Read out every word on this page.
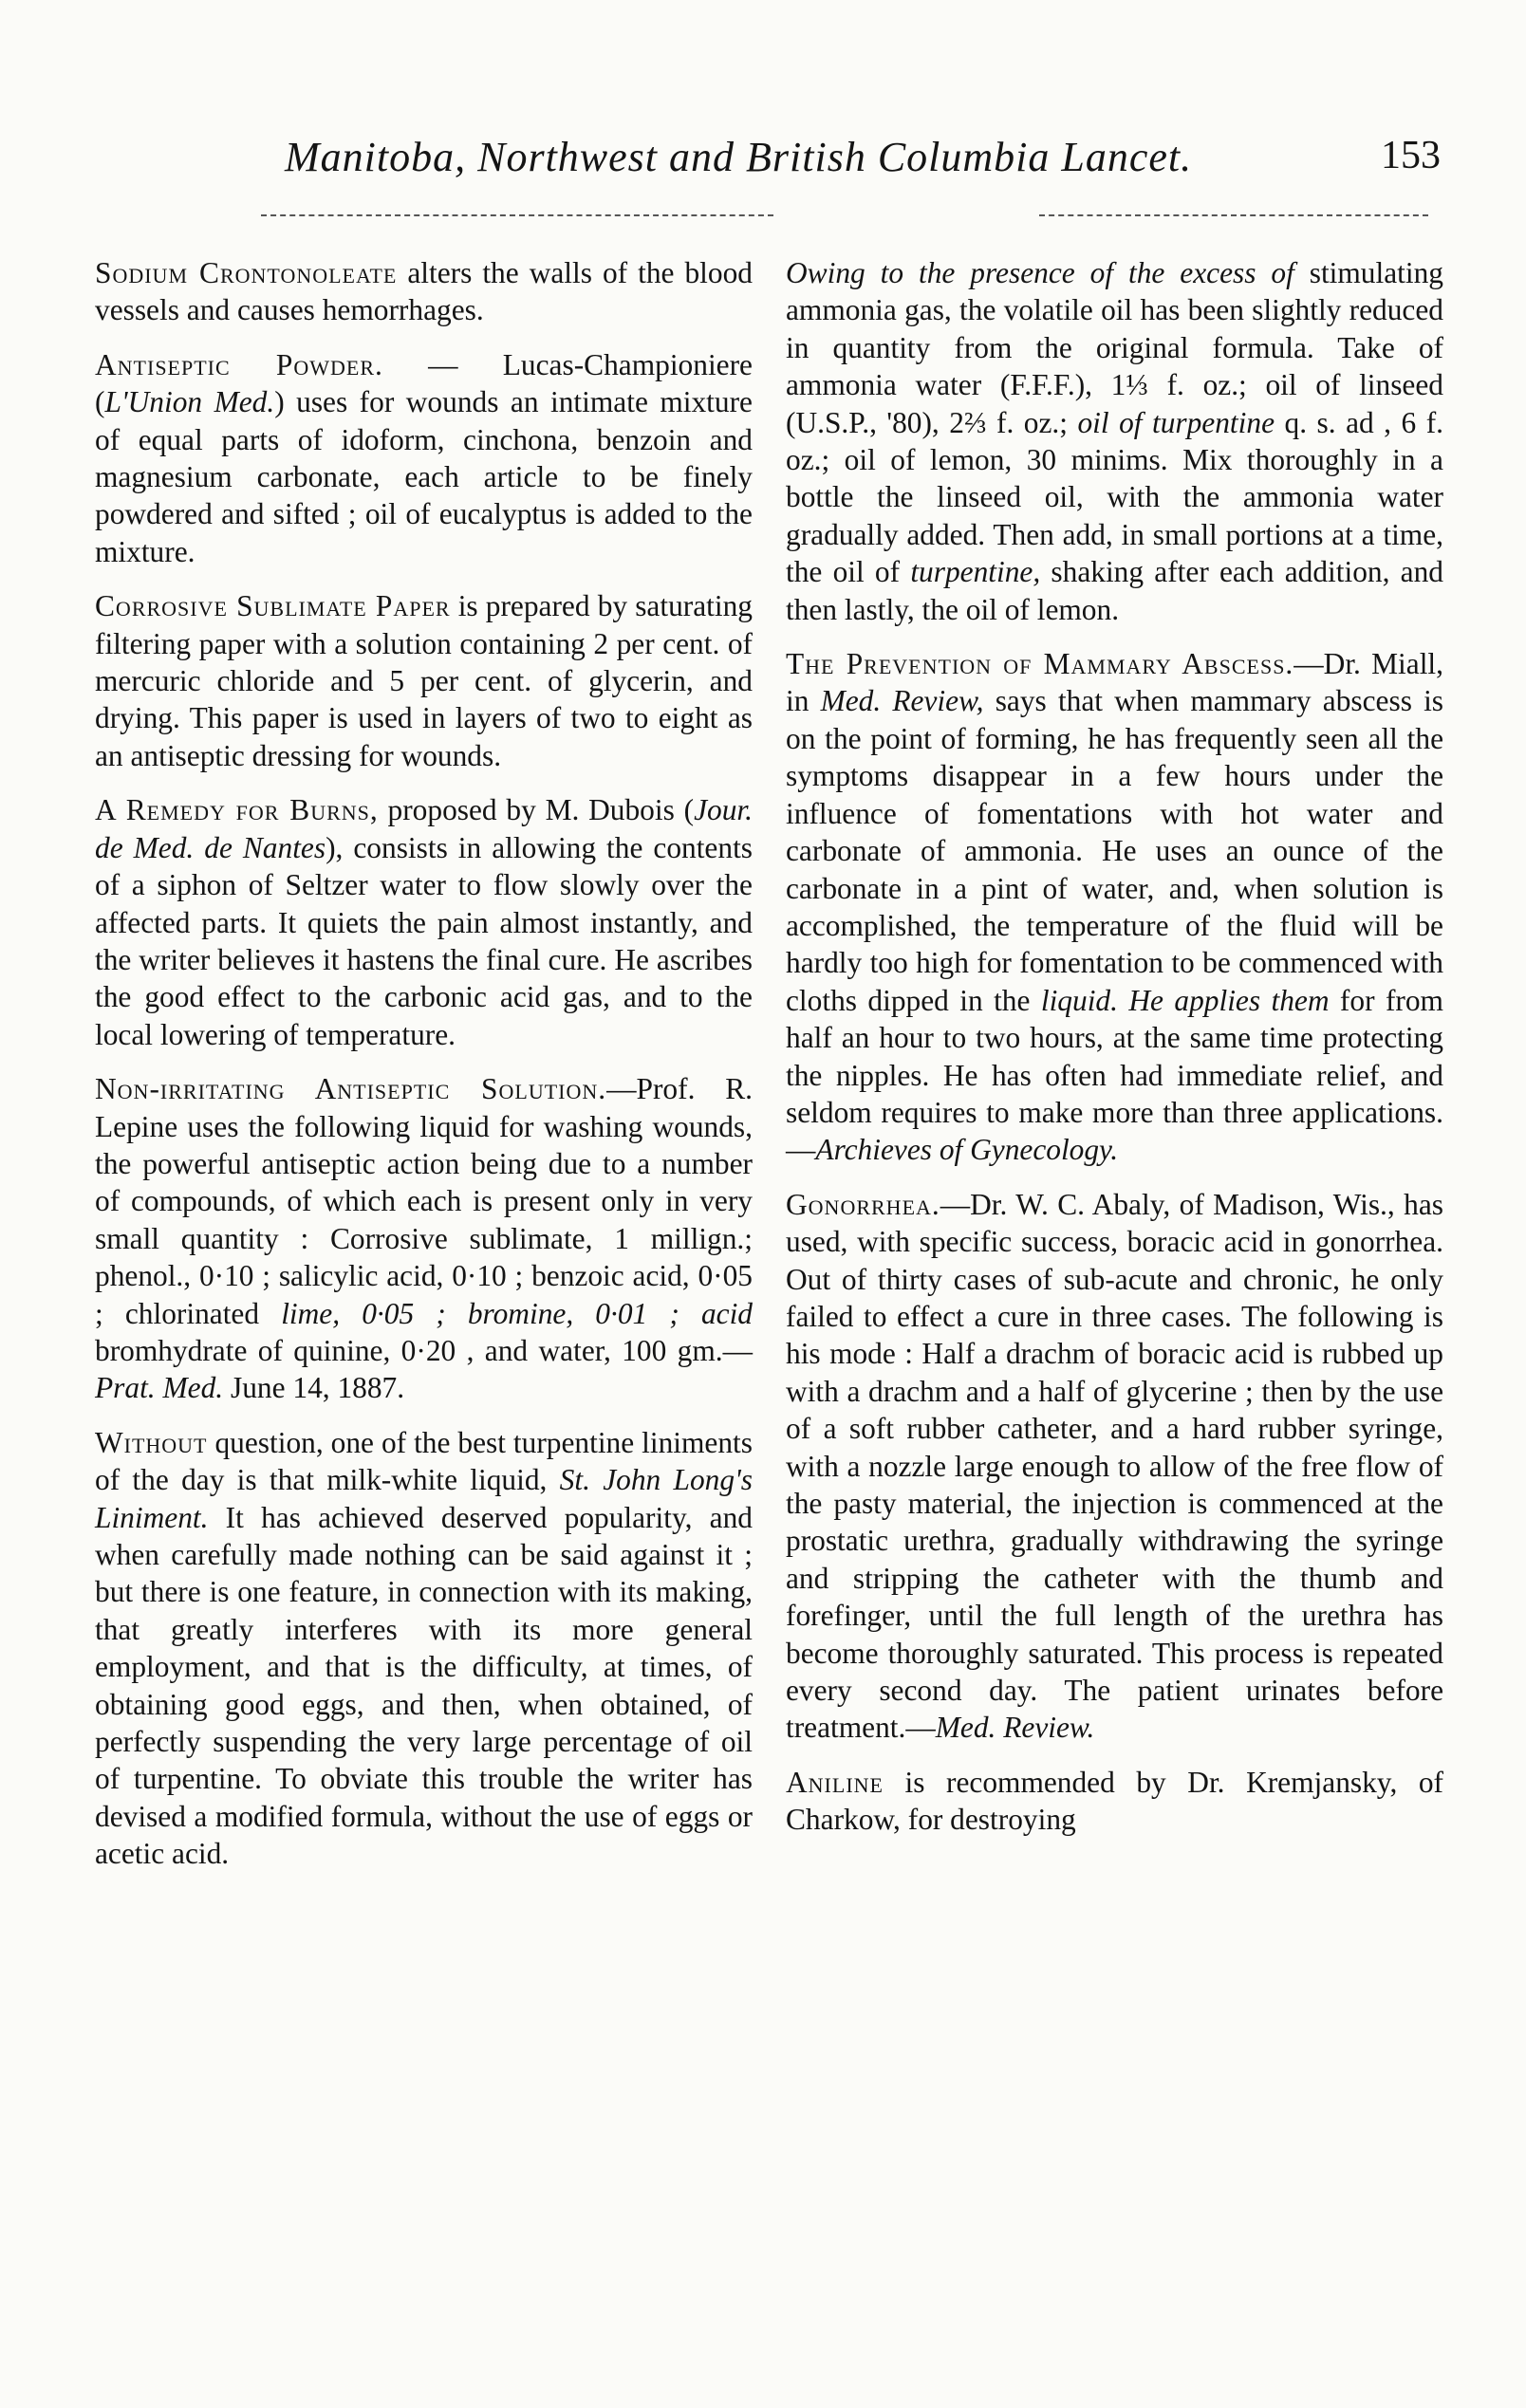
Manitoba, Northwest and British Columbia Lancet.	153

Sodium Crontonoleate alters the walls of the blood vessels and causes hemorrhages.

Antiseptic Powder. — Lucas-Championiere (L'Union Med.) uses for wounds an intimate mixture of equal parts of idoform, cinchona, benzoin and magnesium carbonate, each article to be finely powdered and sifted ; oil of eucalyptus is added to the mixture.

Corrosive Sublimate Paper is prepared by saturating filtering paper with a solution containing 2 per cent. of mercuric chloride and 5 per cent. of glycerin, and drying. This paper is used in layers of two to eight as an antiseptic dressing for wounds.

A Remedy for Burns, proposed by M. Dubois (Jour. de Med. de Nantes), consists in allowing the contents of a siphon of Seltzer water to flow slowly over the affected parts. It quiets the pain almost instantly, and the writer believes it hastens the final cure. He ascribes the good effect to the carbonic acid gas, and to the local lowering of temperature.

Non-irritating Antiseptic Solution.—Prof. R. Lepine uses the following liquid for washing wounds, the powerful antiseptic action being due to a number of compounds, of which each is present only in very small quantity : Corrosive sublimate, 1 millign.; phenol., 0·10 ; salicylic acid, 0·10 ; benzoic acid, 0·05 ; chlorinated lime, 0·05 ; bromine, 0·01 ; acid bromhydrate of quinine, 0·20 , and water, 100 gm.—Prat. Med. June 14, 1887.

Without question, one of the best turpentine liniments of the day is that milk-white liquid, St. John Long's Liniment. It has achieved deserved popularity, and when carefully made nothing can be said against it ; but there is one feature, in connection with its making, that greatly interferes with its more general employment, and that is the difficulty, at times, of obtaining good eggs, and then, when obtained, of perfectly suspending the very large percentage of oil of turpentine. To obviate this trouble the writer has devised a modified formula, without the use of eggs or acetic acid.

Owing to the presence of the excess of stimulating ammonia gas, the volatile oil has been slightly reduced in quantity from the original formula. Take of ammonia water (F.F.F.), 1⅓ f. oz.; oil of linseed (U.S.P., '80), 2⅔ f. oz.; oil of turpentine q. s. ad , 6 f. oz.; oil of lemon, 30 minims. Mix thoroughly in a bottle the linseed oil, with the ammonia water gradually added. Then add, in small portions at a time, the oil of turpentine, shaking after each addition, and then lastly, the oil of lemon.

The Prevention of Mammary Abscess.—Dr. Miall, in Med. Review, says that when mammary abscess is on the point of forming, he has frequently seen all the symptoms disappear in a few hours under the influence of fomentations with hot water and carbonate of ammonia. He uses an ounce of the carbonate in a pint of water, and, when solution is accomplished, the temperature of the fluid will be hardly too high for fomentation to be commenced with cloths dipped in the liquid. He applies them for from half an hour to two hours, at the same time protecting the nipples. He has often had immediate relief, and seldom requires to make more than three applications.—Archieves of Gynecology.

Gonorrhea.—Dr. W. C. Abaly, of Madison, Wis., has used, with specific success, boracic acid in gonorrhea. Out of thirty cases of sub-acute and chronic, he only failed to effect a cure in three cases. The following is his mode : Half a drachm of boracic acid is rubbed up with a drachm and a half of glycerine ; then by the use of a soft rubber catheter, and a hard rubber syringe, with a nozzle large enough to allow of the free flow of the pasty material, the injection is commenced at the prostatic urethra, gradually withdrawing the syringe and stripping the catheter with the thumb and forefinger, until the full length of the urethra has become thoroughly saturated. This process is repeated every second day. The patient urinates before treatment.—Med. Review.

Aniline is recommended by Dr. Kremjansky, of Charkow, for destroying
